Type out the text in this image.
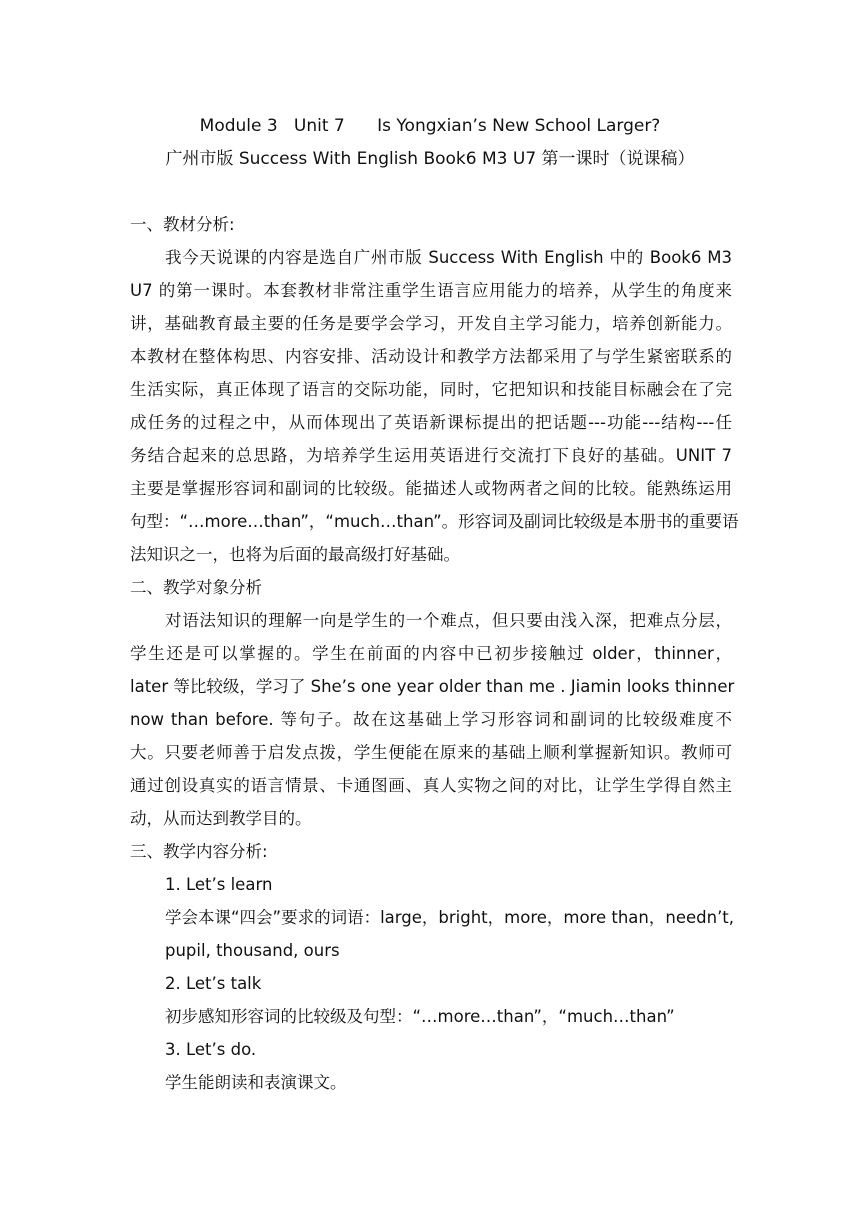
Module 3   Unit 7      Is Yongxian’s New School Larger?
广州市版 Success With English Book6 M3 U7 第一课时（说课稿）
一、教材分析:
我今天说课的内容是选自广州市版 Success With English 中的 Book6 M3
U7 的第一课时。本套教材非常注重学生语言应用能力的培养，从学生的角度来
讲，基础教育最主要的任务是要学会学习，开发自主学习能力，培养创新能力。
本教材在整体构思、内容安排、活动设计和教学方法都采用了与学生紧密联系的
生活实际，真正体现了语言的交际功能，同时，它把知识和技能目标融会在了完
成任务的过程之中，从而体现出了英语新课标提出的把话题---功能---结构---任
务结合起来的总思路，为培养学生运用英语进行交流打下良好的基础。UNIT 7
主要是掌握形容词和副词的比较级。能描述人或物两者之间的比较。能熟练运用
句型：“…more…than”，“much…than”。形容词及副词比较级是本册书的重要语
法知识之一，也将为后面的最高级打好基础。
二、教学对象分析
对语法知识的理解一向是学生的一个难点，但只要由浅入深，把难点分层，
学生还是可以掌握的。学生在前面的内容中已初步接触过 older，thinner，
later 等比较级，学习了 She’s one year older than me . Jiamin looks thinner
now than before. 等句子。故在这基础上学习形容词和副词的比较级难度不
大。只要老师善于启发点拨，学生便能在原来的基础上顺利掌握新知识。教师可
通过创设真实的语言情景、卡通图画、真人实物之间的对比，让学生学得自然主
动，从而达到教学目的。
三、教学内容分析:
1. Let’s learn
学会本课“四会”要求的词语：large，bright，more，more than，needn’t,
pupil, thousand, ours
2. Let’s talk
初步感知形容词的比较级及句型：“…more…than”，“much…than”
3. Let’s do.
学生能朗读和表演课文。
